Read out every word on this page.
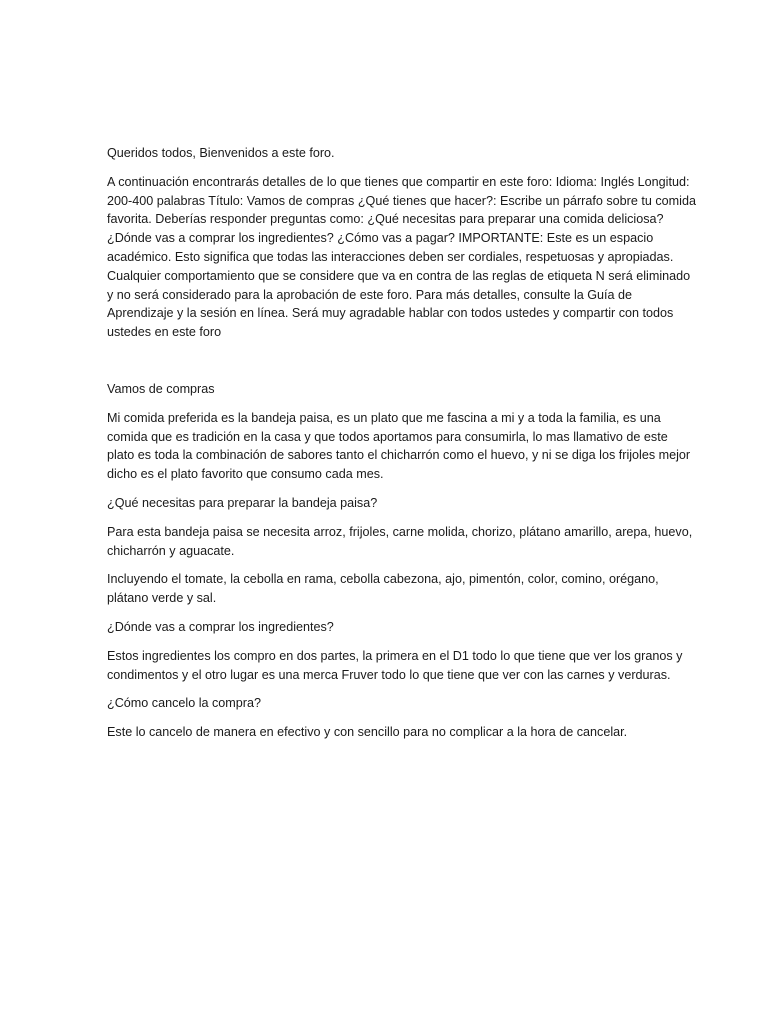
Queridos todos, Bienvenidos a este foro.

A continuación encontrarás detalles de lo que tienes que compartir en este foro: Idioma: Inglés Longitud: 200-400 palabras Título: Vamos de compras ¿Qué tienes que hacer?: Escribe un párrafo sobre tu comida favorita. Deberías responder preguntas como: ¿Qué necesitas para preparar una comida deliciosa? ¿Dónde vas a comprar los ingredientes? ¿Cómo vas a pagar? IMPORTANTE: Este es un espacio académico. Esto significa que todas las interacciones deben ser cordiales, respetuosas y apropiadas. Cualquier comportamiento que se considere que va en contra de las reglas de etiqueta N será eliminado y no será considerado para la aprobación de este foro. Para más detalles, consulte la Guía de Aprendizaje y la sesión en línea. Será muy agradable hablar con todos ustedes y compartir con todos ustedes en este foro

Vamos de compras

Mi comida preferida es la bandeja paisa, es un plato que me fascina a mi y a toda la familia, es una comida que es tradición en la casa y que todos aportamos para consumirla, lo mas llamativo de este plato es toda la combinación de sabores tanto el chicharrón como el huevo, y ni se diga los frijoles mejor dicho es el plato favorito que consumo cada mes.

¿Qué necesitas para preparar la bandeja paisa?

Para esta bandeja paisa se necesita arroz, frijoles, carne molida, chorizo, plátano amarillo, arepa, huevo, chicharrón y aguacate.

Incluyendo el tomate, la cebolla en rama, cebolla cabezona, ajo, pimentón, color, comino, orégano, plátano verde y sal.

¿Dónde vas a comprar los ingredientes?

Estos ingredientes los compro en dos partes, la primera en el D1 todo lo que tiene que ver los granos y condimentos y el otro lugar es una merca Fruver todo lo que tiene que ver con las carnes y verduras.

¿Cómo cancelo la compra?

Este lo cancelo de manera en efectivo y con sencillo para no complicar a la hora de cancelar.
